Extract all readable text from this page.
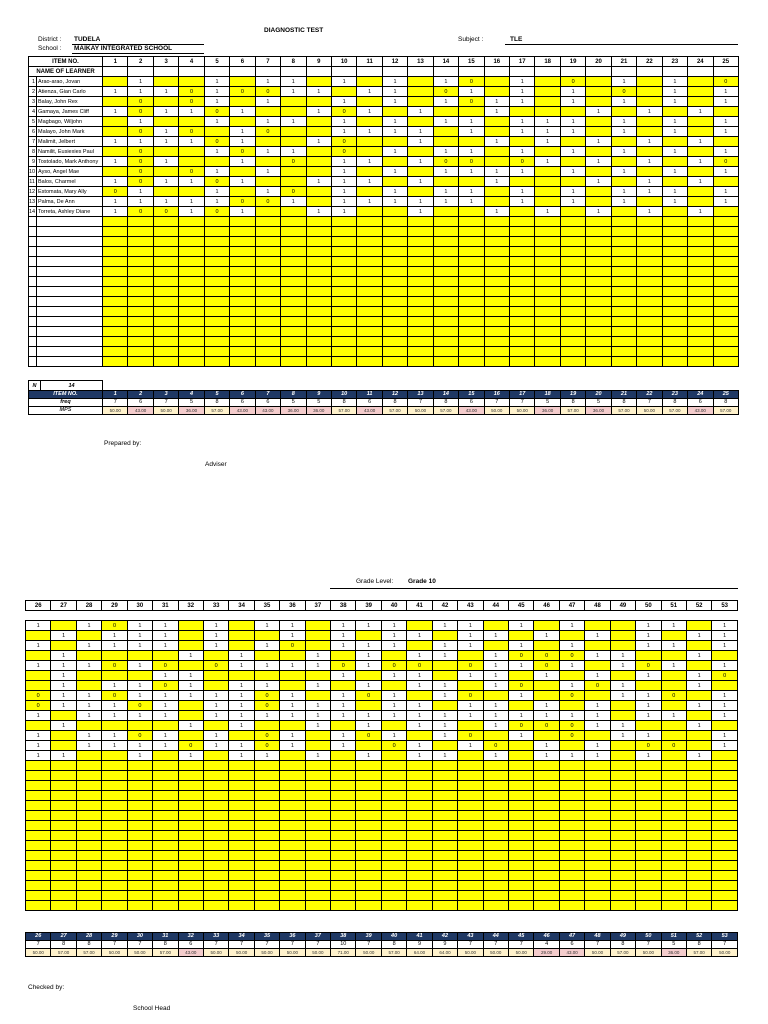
DIAGNOSTIC TEST
District : TUDELA
School : MAIKAY INTEGRATED SCHOOL
Subject :	TLE
ITEM NO.		1	2	3	4	5	6	7	8	9	10	11	12	13	14	15	16	17	18	19	20	21	22	23	24	25
NAME OF LEARNER																										
1	Arao-arao, Jovan		1			1		1	1		1		1		1	0		1		0		1		1		0
2	Atienza, Gian Carlo	1	1	1	0	1	0	0	1	1		1	1		0	1		1		1		0		1		1
3	Balay, John Rex		0		0	1		1			1		1		1	0	1	1		1		1		1		1
4	Gamaya, James Cliff	1	0	1	1	0	1			1	0	1		1			1				1		1		1	
5	Magbago, Wiljohn		1			1		1	1		1		1		1	1		1	1	1		1		1		1
6	Malayo, John Mark		0	1	0		1	0			1	1	1	1		1		1	1	1		1		1		1
7	Malimit, Jelbert	1	1	1	1	0	1			1	0			1			1		1		1		1		1	
8	Namilit, Eusiexies Paul		0			1	0	1	1		0		1		1	1		1		1		1		1		1
9	Tostolado, Mark Anthony	1	0	1			1		0		1	1		1	0	0		0	1		1		1		1	0
10	Ayso, Angel Mae		0		0	1		1			1		1		1	1	1	1		1		1		1		1
11	Balos, Charmel	1	0	1	1	0	1			1	1	1		1			1				1		1		1	
12	Estomata, Mary Ally	0	1			1		1	0		1		1		1	1		1		1		1	1	1		1
13	Palma, De Ann	1	1	1	1	1	0	0	1		1	1	1	1	1	1		1		1		1		1		1
14	Torreta, Ashley Diane	1	0	0	1	0	1			1	1			1			1		1		1		1		1	

N	14																									
ITEM NO.		1	2	3	4	5	6	7	8	9	10	11	12	13	14	15	16	17	18	19	20	21	22	23	24	25
freq		7	6	7	5	8	6	6	5	5	8	6	8	7	8	6	7	7	5	8	5	8	7	8	6	8
MPS		50.00	43.00	50.00	36.00	57.00	43.00	43.00	36.00	36.00	57.00	43.00	57.00	50.00	57.00	43.00	50.00	50.00	36.00	57.00	36.00	57.00	50.00	57.00	43.00	57.00
Prepared by:
Adviser
Grade Level: Grade 10
26	27	28	29	30	31	32	33	34	35	36	37	38	39	40	41	42	43	44	45	46	47	48	49	50	51	52	53

1		1	0	1	1		1		1	1		1	1	1		1	1		1		1			1	1		1
	1		1	1	1		1			1		1		1	1		1	1		1		1		1		1	1
1		1	1	1	1		1		1	0		1	1	1		1	1		1		1			1	1		1
	1					1		1			1		1		1	1		1	0	0	0	1	1			1	
1	1	1	0	1	0		0	1	1	1	1	0	1	0	0		0	1	1	0	1		1	0	1		1
	1				1	1						1		1	1		1	1		1		1		1		1	0
	1		1	1	0	1		1	1		1		1		1	1		1	0		1	0	1			1	
0	1	1	0	1	1	1	1	1	0	1		1	0	1		1	0		1		0		1	1	0		1
0	1	1	1	0	1		1	1	0	1	1	1		1	1		1	1		1		1		1		1	1
1		1	1	1	1		1	1	1	1	1	1	1	1	1	1	1	1	1	1	1	1		1	1		1
	1					1		1			1		1		1	1		1	0	0	0	1	1			1	
1		1	1	0	1		1		0	1		1	0	1		1	0		1		0		1	1			1
1		1	1	1	1	0	1	1	0	1		1		0	1		1	0		1		1		0	0		1
1	1			1		1		1	1		1		1		1	1		1		1	1	1		1		1	

26	27	28	29	30	31	32	33	34	35	36	37	38	39	40	41	42	43	44	45	46	47	48	49	50	51	52	53
7	8	8	7	7	8	6	7	7	7	7	7	10	7	8	9	9	7	7	7	4	6	7	8	7	5	8	7
50.00	57.00	57.00	50.00	50.00	57.00	43.00	50.00	50.00	50.00	50.00	50.00	71.00	50.00	57.00	64.00	64.00	50.00	50.00	50.00	29.00	43.00	50.00	57.00	50.00	36.00	57.00	50.00
Checked by:
School Head
